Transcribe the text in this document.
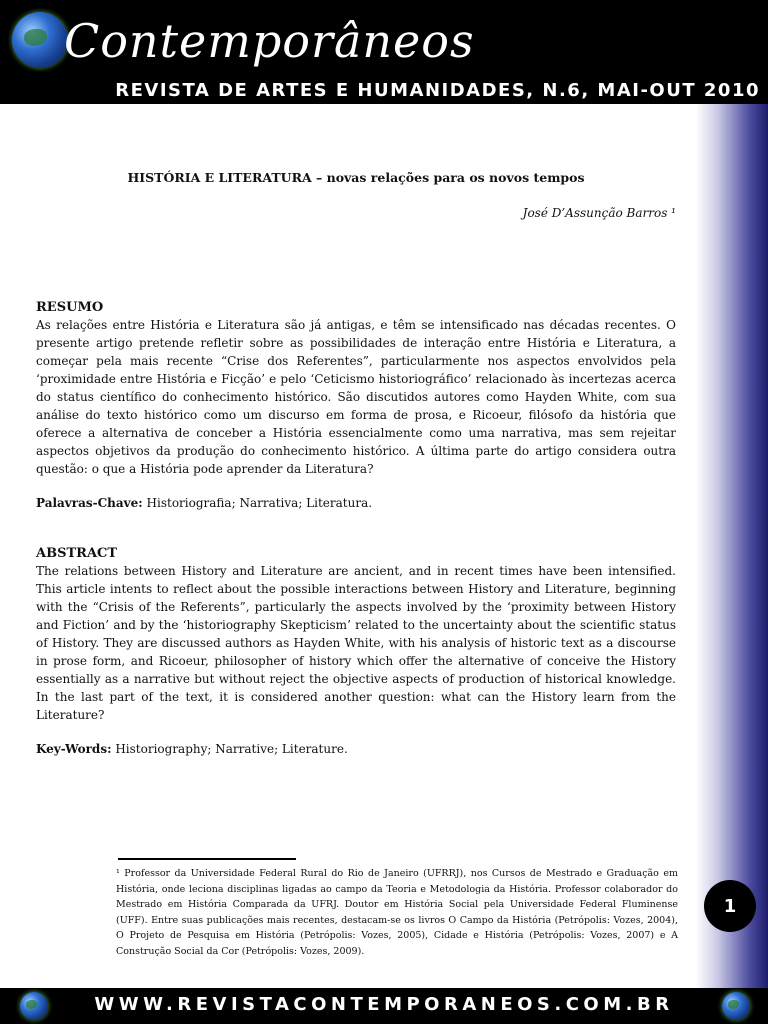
Contemporâneos
REVISTA DE ARTES E HUMANIDADES, N.6, MAI-OUT 2010
HISTÓRIA E LITERATURA – novas relações para os novos tempos
José D’Assunção Barros ¹
RESUMO

As relações entre História e Literatura são já antigas, e têm se intensificado nas décadas recentes. O presente artigo pretende refletir sobre as possibilidades de interação entre História e Literatura, a começar pela mais recente “Crise dos Referentes”, particularmente nos aspectos envolvidos pela ‘proximidade entre História e Ficção’ e pelo ‘Ceticismo historiográfico’ relacionado às incertezas acerca do status científico do conhecimento histórico. São discutidos autores como Hayden White, com sua análise do texto histórico como um discurso em forma de prosa, e Ricoeur, filósofo da história que oferece a alternativa de conceber a História essencialmente como uma narrativa, mas sem rejeitar aspectos objetivos da produção do conhecimento histórico. A última parte do artigo considera outra questão: o que a História pode aprender da Literatura?

Palavras-Chave: Historiografia; Narrativa; Literatura.
ABSTRACT

The relations between History and Literature are ancient, and in recent times have been intensified. This article intents to reflect about the possible interactions between History and Literature, beginning with the “Crisis of the Referents”, particularly the aspects involved by the ‘proximity between History and Fiction’ and by the ‘historiography Skepticism’ related to the uncertainty about the scientific status of History. They are discussed authors as Hayden White, with his analysis of historic text as a discourse in prose form, and Ricoeur, philosopher of history which offer the alternative of conceive the History essentially as a narrative but without reject the objective aspects of production of historical knowledge. In the last part of the text, it is considered another question: what can the History learn from the Literature?

Key-Words: Historiography; Narrative; Literature.
¹ Professor da Universidade Federal Rural do Rio de Janeiro (UFRRJ), nos Cursos de Mestrado e Graduação em História, onde leciona disciplinas ligadas ao campo da Teoria e Metodologia da História. Professor colaborador do Mestrado em História Comparada da UFRJ. Doutor em História Social pela Universidade Federal Fluminense (UFF). Entre suas publicações mais recentes, destacam-se os livros O Campo da História (Petrópolis: Vozes, 2004), O Projeto de Pesquisa em História (Petrópolis: Vozes, 2005), Cidade e História (Petrópolis: Vozes, 2007) e A Construção Social da Cor (Petrópolis: Vozes, 2009).
1
WWW.REVISTACONTEMPORANEOS.COM.BR
